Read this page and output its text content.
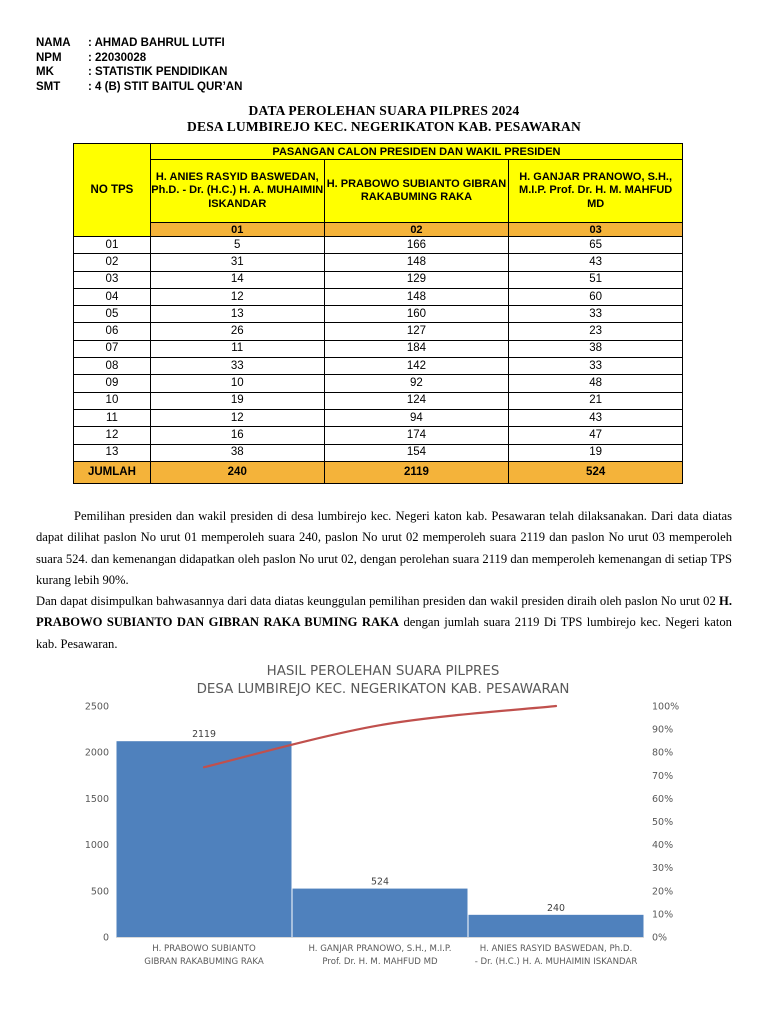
NAMA	: AHMAD BAHRUL LUTFI
NPM	: 22030028
MK	: STATISTIK PENDIDIKAN
SMT	: 4 (B) STIT BAITUL QUR’AN
DATA PEROLEHAN SUARA PILPRES 2024
DESA LUMBIREJO KEC. NEGERIKATON KAB. PESAWARAN
NO TPS	PASANGAN CALON PRESIDEN DAN WAKIL PRESIDEN		
	H. ANIES RASYID BASWEDAN, Ph.D. - Dr. (H.C.) H. A. MUHAIMIN ISKANDAR	H. PRABOWO SUBIANTO GIBRAN RAKABUMING RAKA	H. GANJAR PRANOWO, S.H., M.I.P. Prof. Dr. H. M. MAHFUD MD
	01	02	03
01	5	166	65
02	31	148	43
03	14	129	51
04	12	148	60
05	13	160	33
06	26	127	23
07	11	184	38
08	33	142	33
09	10	92	48
10	19	124	21
11	12	94	43
12	16	174	47
13	38	154	19
JUMLAH	240	2119	524

Pemilihan presiden dan wakil presiden di desa lumbirejo kec. Negeri katon kab. Pesawaran telah dilaksanakan. Dari data diatas dapat dilihat paslon No urut 01 memperoleh suara 240, paslon No urut 02 memperoleh suara 2119 dan paslon No urut 03 memperoleh suara 524. dan kemenangan didapatkan oleh paslon No urut 02, dengan perolehan suara 2119 dan memperoleh kemenangan di setiap TPS kurang lebih 90%.

Dan dapat disimpulkan bahwasannya dari data diatas keunggulan pemilihan presiden dan wakil presiden diraih oleh paslon No urut 02 H. PRABOWO SUBIANTO DAN GIBRAN RAKA BUMING RAKA dengan jumlah suara 2119 Di TPS lumbirejo kec. Negeri katon kab. Pesawaran.

HASIL PEROLEHAN SUARA PILPRES
DESA LUMBIREJO KEC. NEGERIKATON KAB. PESAWARAN
0
500
1000
1500
2000
2500
0%
10%
20%
30%
40%
50%
60%
70%
80%
90%
100%
2119
H. PRABOWO SUBIANTO
GIBRAN RAKABUMING RAKA
524
H. GANJAR PRANOWO, S.H., M.I.P.
Prof. Dr. H. M. MAHFUD MD
240
H. ANIES RASYID BASWEDAN, Ph.D.
- Dr. (H.C.) H. A. MUHAIMIN ISKANDAR
